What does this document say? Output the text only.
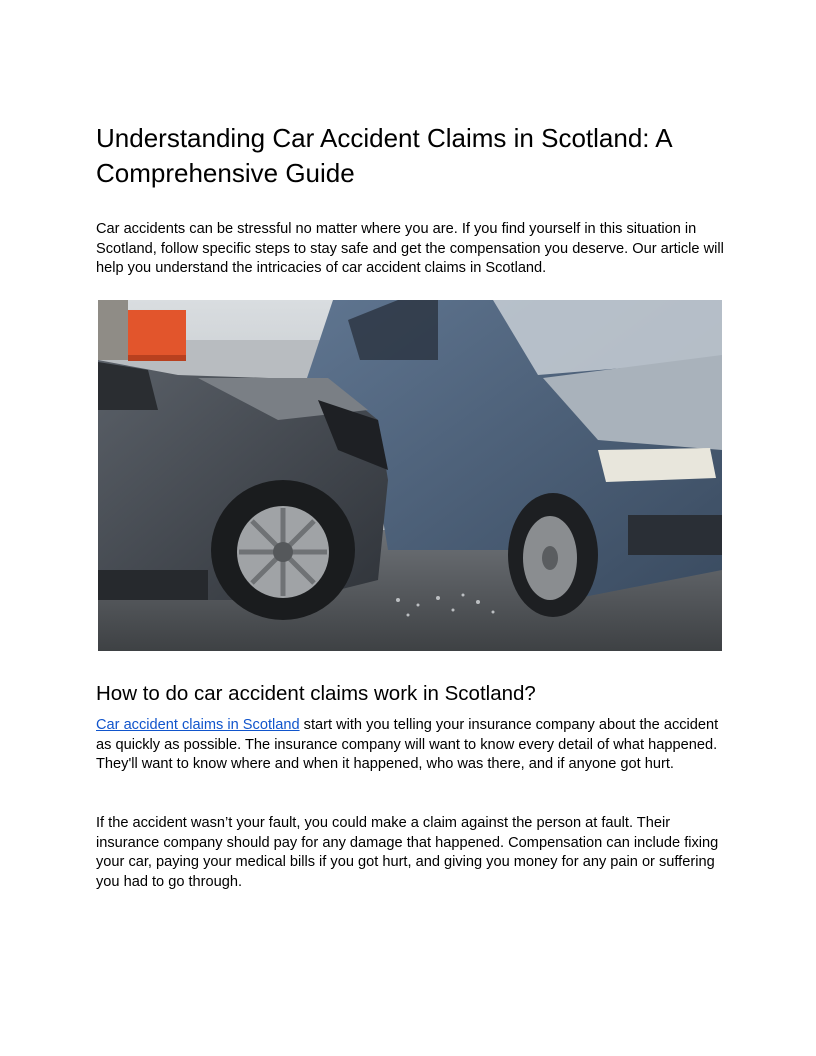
Understanding Car Accident Claims in Scotland: A Comprehensive Guide

Car accidents can be stressful no matter where you are. If you find yourself in this situation in Scotland, follow specific steps to stay safe and get the compensation you deserve. Our article will help you understand the intricacies of car accident claims in Scotland.

How to do car accident claims work in Scotland?

Car accident claims in Scotland start with you telling your insurance company about the accident as quickly as possible. The insurance company will want to know every detail of what happened. They'll want to know where and when it happened, who was there, and if anyone got hurt.

If the accident wasn’t your fault, you could make a claim against the person at fault. Their insurance company should pay for any damage that happened. Compensation can include fixing your car, paying your medical bills if you got hurt, and giving you money for any pain or suffering you had to go through.
